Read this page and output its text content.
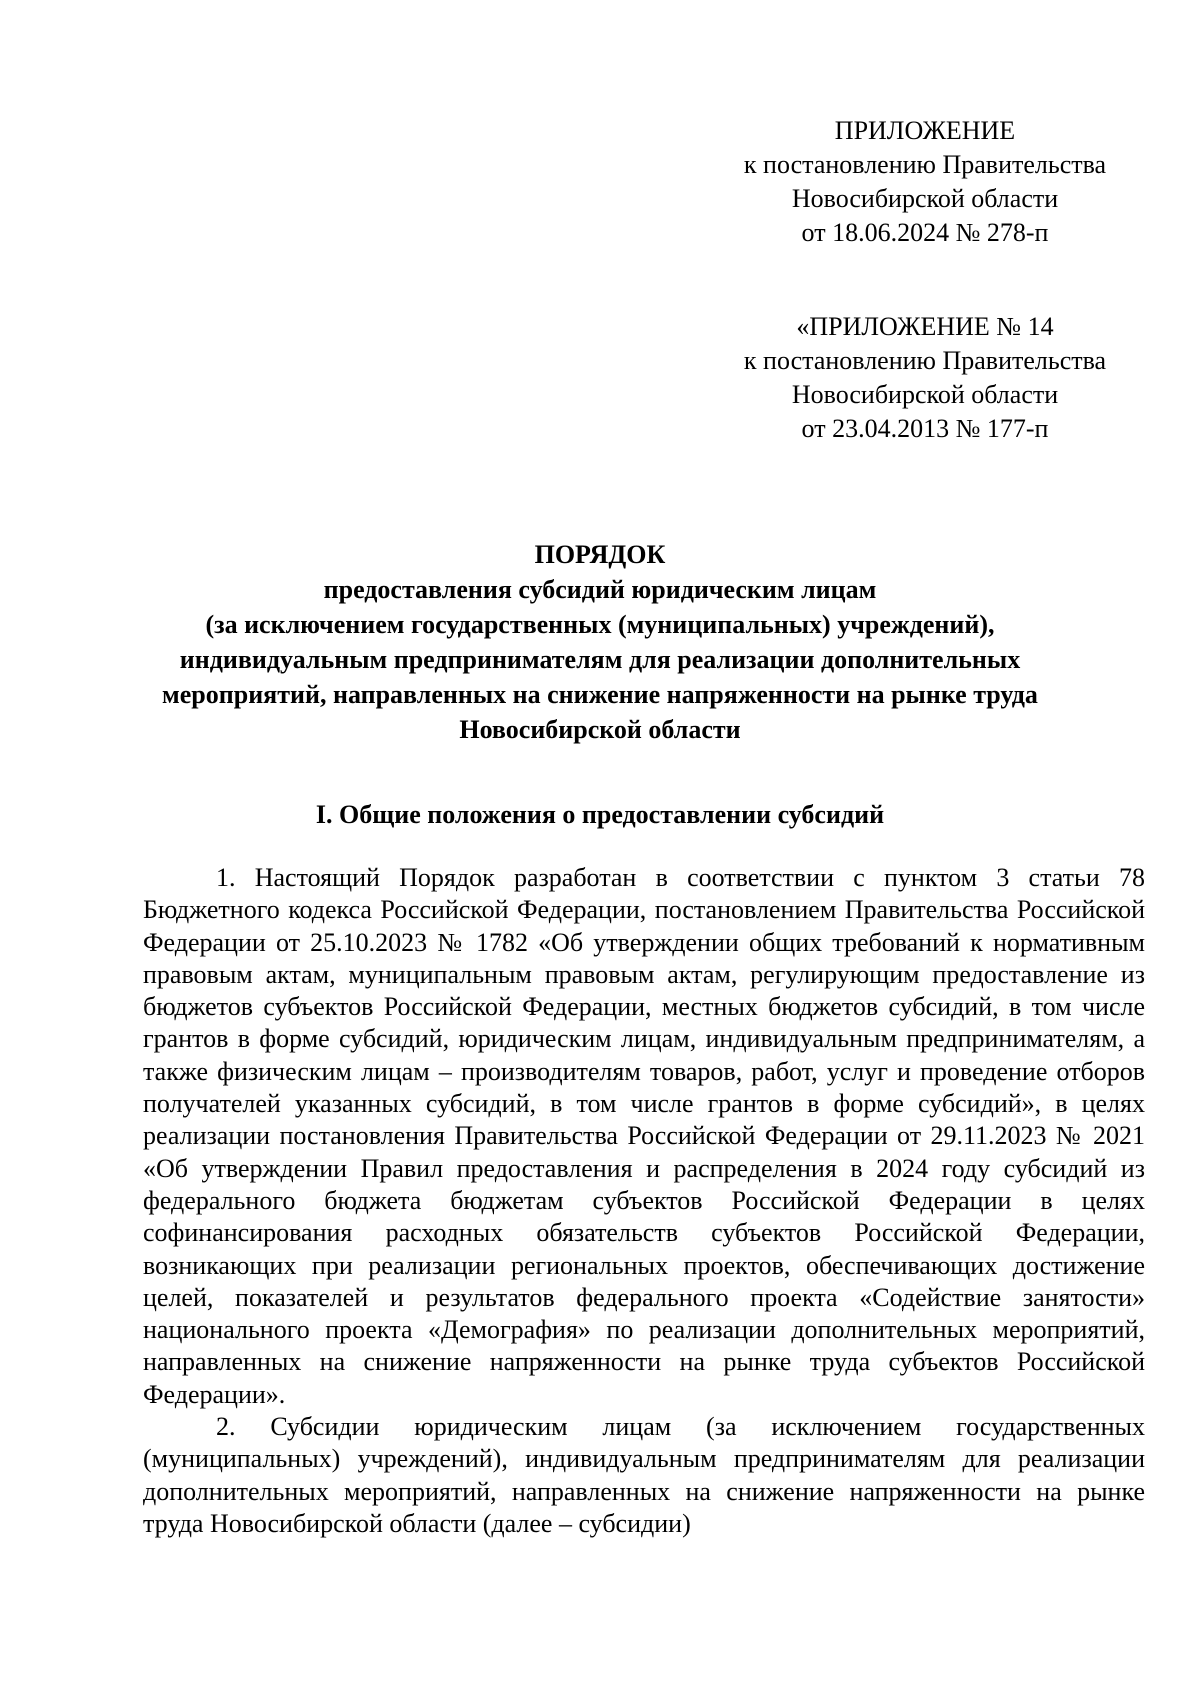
ПРИЛОЖЕНИЕ
к постановлению Правительства
Новосибирской области
от 18.06.2024 № 278-п
«ПРИЛОЖЕНИЕ № 14
к постановлению Правительства
Новосибирской области
от 23.04.2013 № 177-п
ПОРЯДОК
предоставления субсидий юридическим лицам
(за исключением государственных (муниципальных) учреждений),
индивидуальным предпринимателям для реализации дополнительных
мероприятий, направленных на снижение напряженности на рынке труда
Новосибирской области
I. Общие положения о предоставлении субсидий

1. Настоящий Порядок разработан в соответствии с пунктом 3 статьи 78 Бюджетного кодекса Российской Федерации, постановлением Правительства Российской Федерации от 25.10.2023 № 1782 «Об утверждении общих требований к нормативным правовым актам, муниципальным правовым актам, регулирующим предоставление из бюджетов субъектов Российской Федерации, местных бюджетов субсидий, в том числе грантов в форме субсидий, юридическим лицам, индивидуальным предпринимателям, а также физическим лицам – производителям товаров, работ, услуг и проведение отборов получателей указанных субсидий, в том числе грантов в форме субсидий», в целях реализации постановления Правительства Российской Федерации от 29.11.2023 № 2021 «Об утверждении Правил предоставления и распределения в 2024 году субсидий из федерального бюджета бюджетам субъектов Российской Федерации в целях софинансирования расходных обязательств субъектов Российской Федерации, возникающих при реализации региональных проектов, обеспечивающих достижение целей, показателей и результатов федерального проекта «Содействие занятости» национального проекта «Демография» по реализации дополнительных мероприятий, направленных на снижение напряженности на рынке труда субъектов Российской Федерации».

2. Субсидии юридическим лицам (за исключением государственных (муниципальных) учреждений), индивидуальным предпринимателям для реализации дополнительных мероприятий, направленных на снижение напряженности на рынке труда Новосибирской области (далее – субсидии)
